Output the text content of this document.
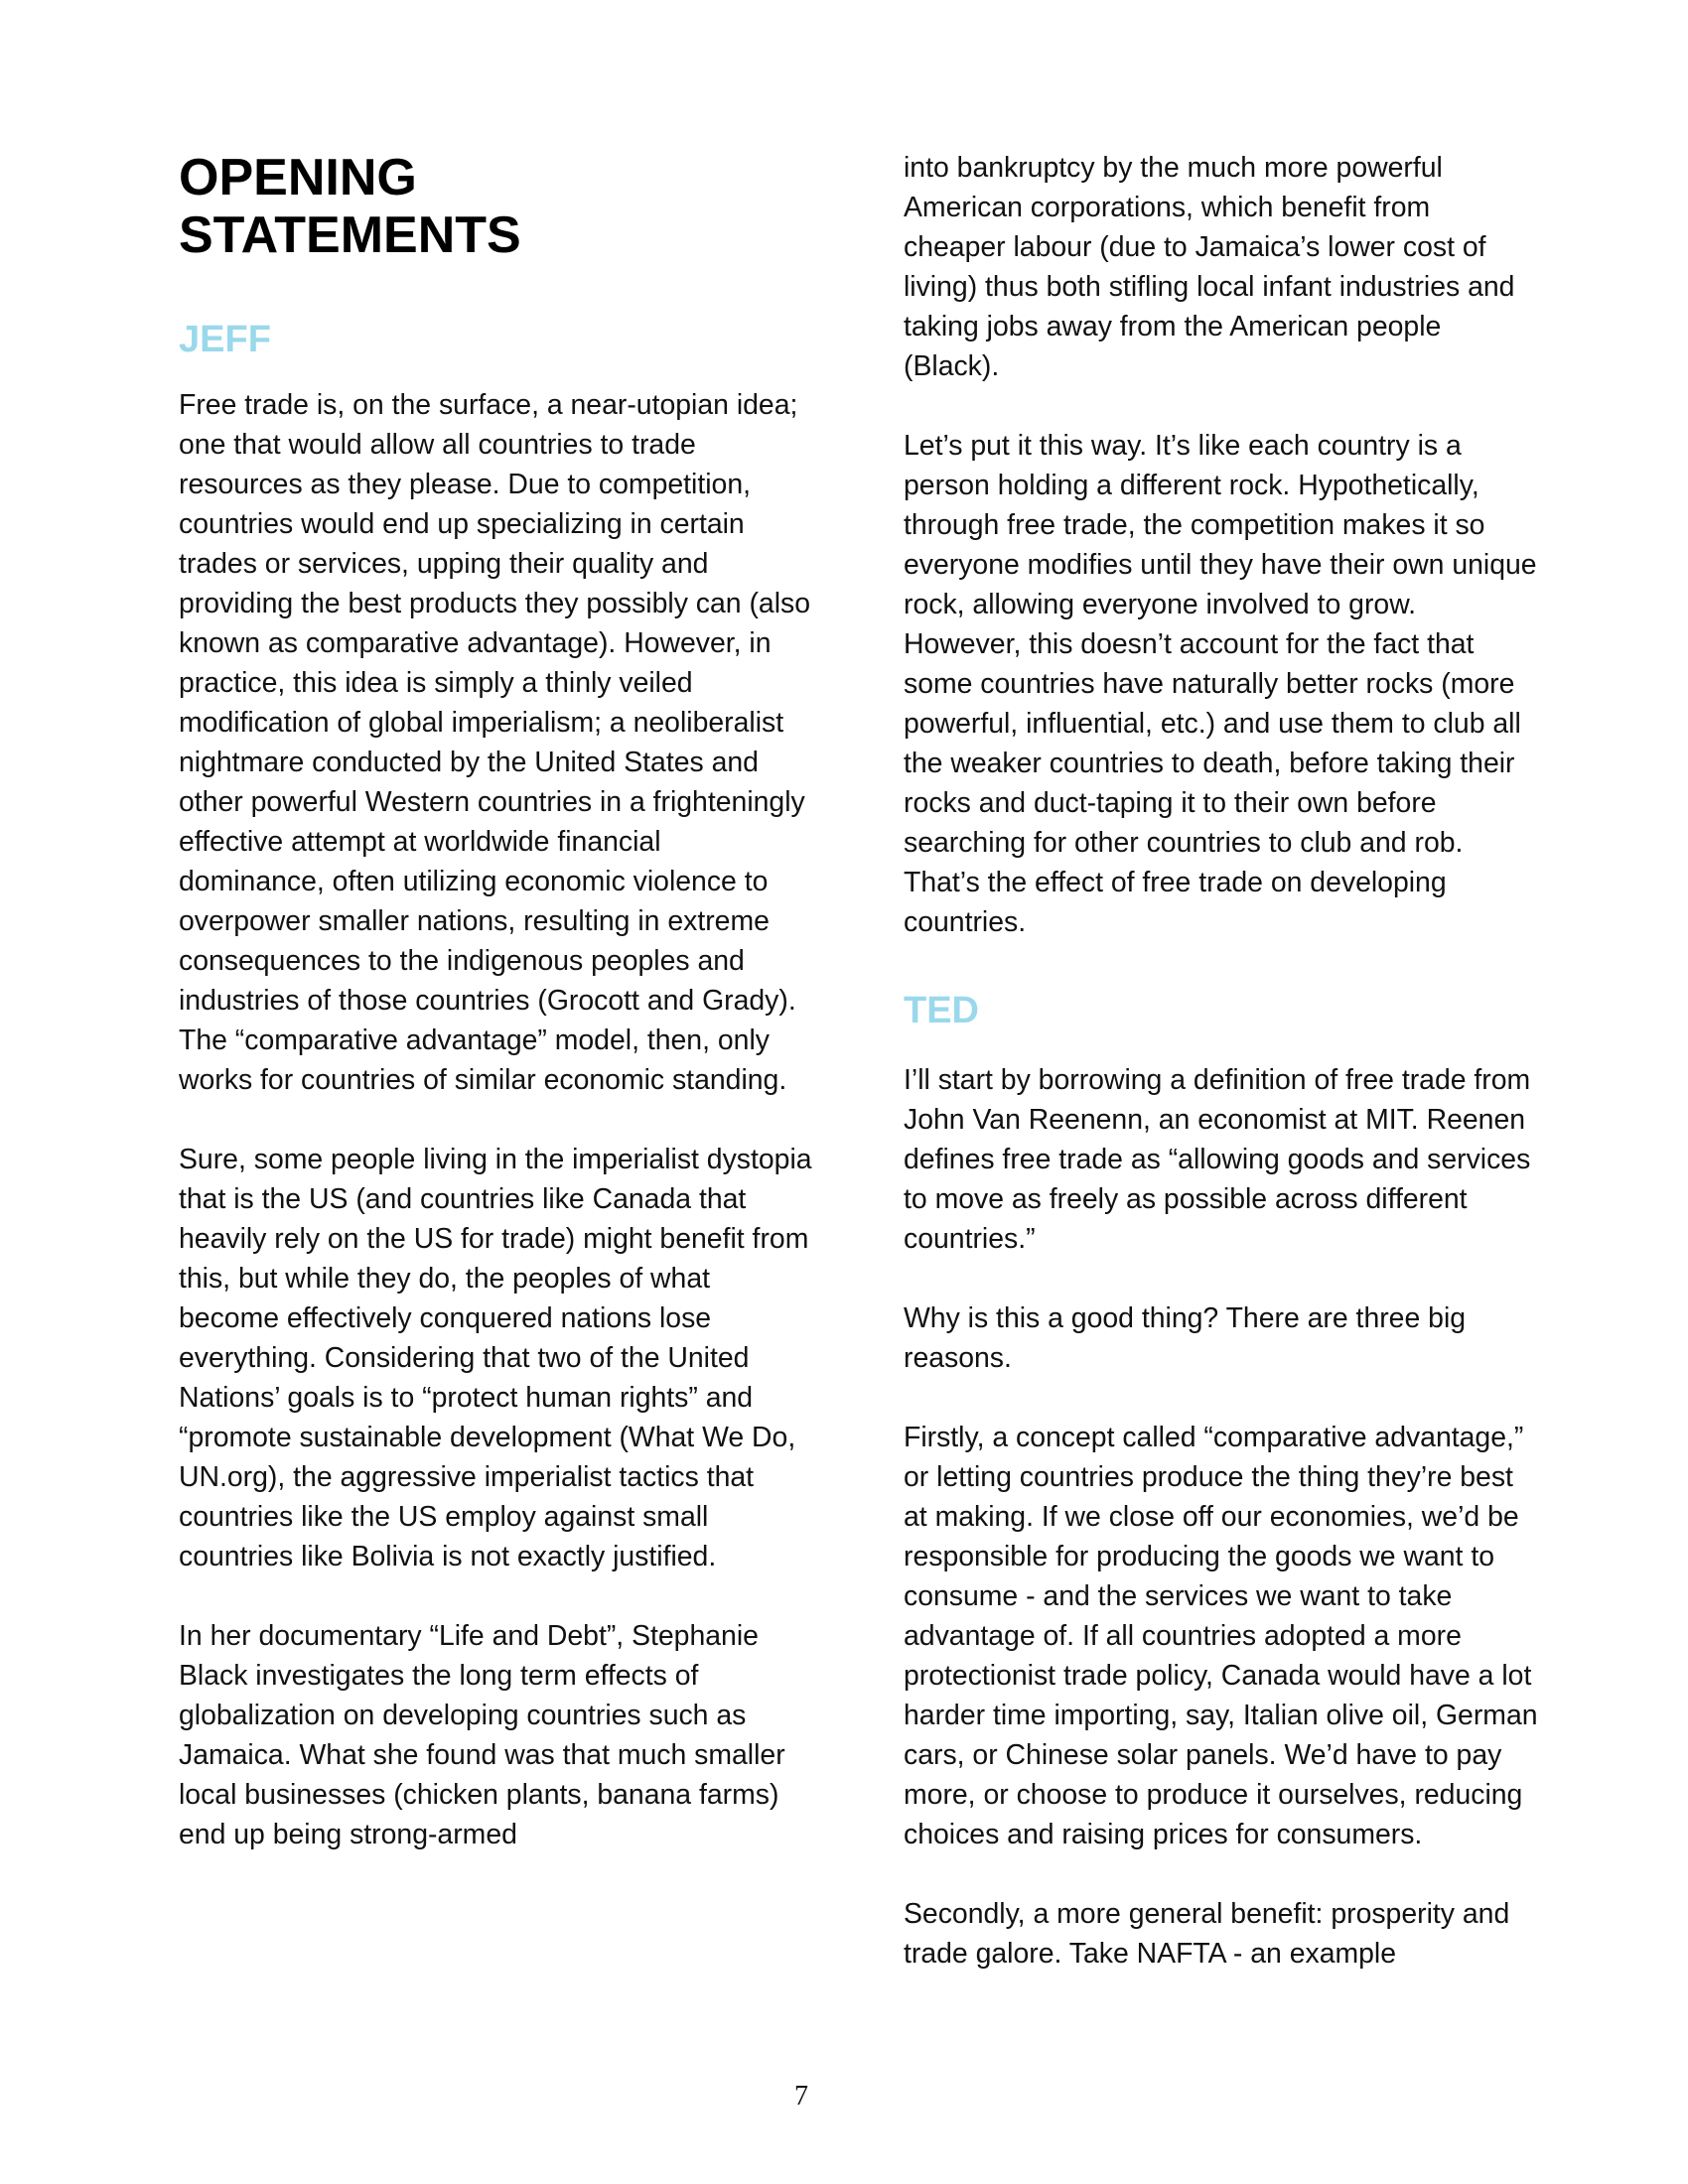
OPENING
STATEMENTS
JEFF

Free trade is, on the surface, a near-utopian idea; one that would allow all countries to trade resources as they please. Due to competition, countries would end up specializing in certain trades or services, upping their quality and providing the best products they possibly can (also known as comparative advantage). However, in practice, this idea is simply a thinly veiled modification of global imperialism; a neoliberalist nightmare conducted by the United States and other powerful Western countries in a frighteningly effective attempt at worldwide financial dominance, often utilizing economic violence to overpower smaller nations, resulting in extreme consequences to the indigenous peoples and industries of those countries (Grocott and Grady). The “comparative advantage” model, then, only works for countries of similar economic standing.

Sure, some people living in the imperialist dystopia that is the US (and countries like Canada that heavily rely on the US for trade) might benefit from this, but while they do, the peoples of what become effectively conquered nations lose everything. Considering that two of the United Nations’ goals is to “protect human rights” and “promote sustainable development (What We Do, UN.org), the aggressive imperialist tactics that countries like the US employ against small countries like Bolivia is not exactly justified.

In her documentary “Life and Debt”, Stephanie Black investigates the long term effects of globalization on developing countries such as Jamaica. What she found was that much smaller local businesses (chicken plants, banana farms) end up being strong-armed

into bankruptcy by the much more powerful American corporations, which benefit from cheaper labour (due to Jamaica’s lower cost of living) thus both stifling local infant industries and taking jobs away from the American people (Black).

Let’s put it this way. It’s like each country is a person holding a different rock. Hypothetically, through free trade, the competition makes it so everyone modifies until they have their own unique rock, allowing everyone involved to grow. However, this doesn’t account for the fact that some countries have naturally better rocks (more powerful, influential, etc.) and use them to club all the weaker countries to death, before taking their rocks and duct-taping it to their own before searching for other countries to club and rob. That’s the effect of free trade on developing countries.

TED

I’ll start by borrowing a definition of free trade from John Van Reenenn, an economist at MIT. Reenen defines free trade as “allowing goods and services to move as freely as possible across different countries.”

Why is this a good thing? There are three big reasons.

Firstly, a concept called “comparative advantage,” or letting countries produce the thing they’re best at making. If we close off our economies, we’d be responsible for producing the goods we want to consume - and the services we want to take advantage of. If all countries adopted a more protectionist trade policy, Canada would have a lot harder time importing, say, Italian olive oil, German cars, or Chinese solar panels. We’d have to pay more, or choose to produce it ourselves, reducing choices and raising prices for consumers.

Secondly, a more general benefit: prosperity and trade galore. Take NAFTA - an example

7
